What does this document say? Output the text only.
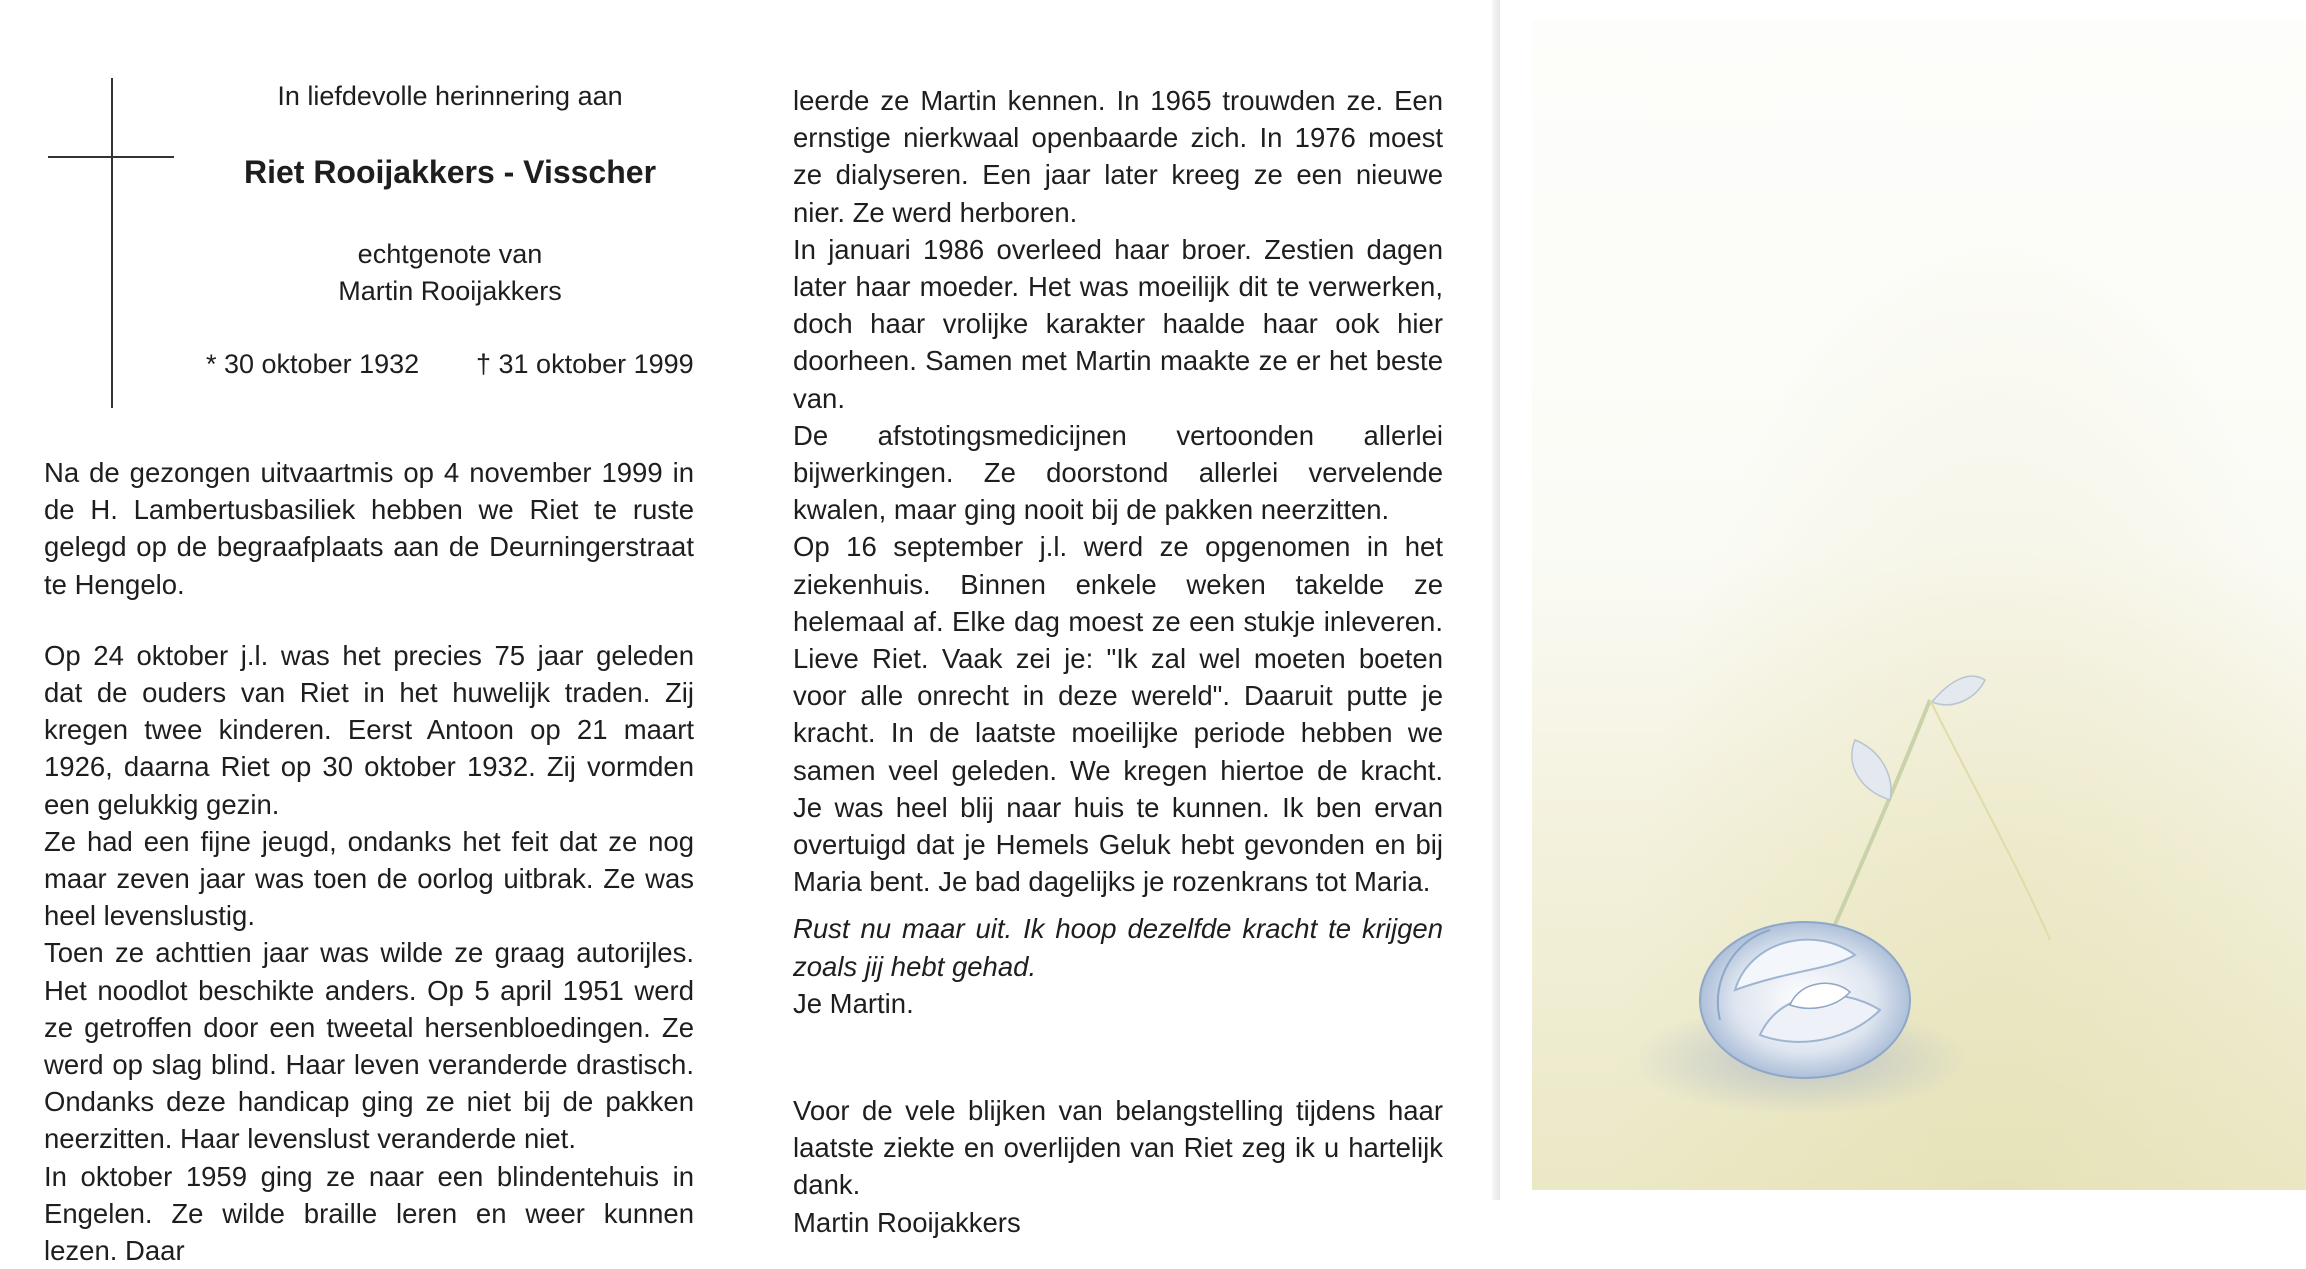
In liefdevolle herinnering aan
Riet Rooijakkers - Visscher
echtgenote van
Martin Rooijakkers
* 30 oktober 1932 † 31 oktober 1999

Na de gezongen uitvaartmis op 4 november 1999 in de H. Lambertusbasiliek hebben we Riet te ruste gelegd op de begraafplaats aan de Deurningerstraat te Hengelo.

Op 24 oktober j.l. was het precies 75 jaar geleden dat de ouders van Riet in het huwelijk traden. Zij kregen twee kinderen. Eerst Antoon op 21 maart 1926, daarna Riet op 30 oktober 1932. Zij vormden een gelukkig gezin.

Ze had een fijne jeugd, ondanks het feit dat ze nog maar zeven jaar was toen de oorlog uitbrak. Ze was heel levenslustig.

Toen ze achttien jaar was wilde ze graag autorijles. Het noodlot beschikte anders. Op 5 april 1951 werd ze getroffen door een tweetal hersenbloedingen. Ze werd op slag blind. Haar leven veranderde drastisch. Ondanks deze handicap ging ze niet bij de pakken neerzitten. Haar levenslust veranderde niet.

In oktober 1959 ging ze naar een blindentehuis in Engelen. Ze wilde braille leren en weer kunnen lezen. Daar

leerde ze Martin kennen. In 1965 trouwden ze. Een ernstige nierkwaal openbaarde zich. In 1976 moest ze dialyseren. Een jaar later kreeg ze een nieuwe nier. Ze werd herboren.

In januari 1986 overleed haar broer. Zestien dagen later haar moeder. Het was moeilijk dit te verwerken, doch haar vrolijke karakter haalde haar ook hier doorheen. Samen met Martin maakte ze er het beste van.

De afstotingsmedicijnen vertoonden allerlei bijwerkingen. Ze doorstond allerlei vervelende kwalen, maar ging nooit bij de pakken neerzitten.

Op 16 september j.l. werd ze opgenomen in het ziekenhuis. Binnen enkele weken takelde ze helemaal af. Elke dag moest ze een stukje inleveren. Lieve Riet. Vaak zei je: "Ik zal wel moeten boeten voor alle onrecht in deze wereld". Daaruit putte je kracht. In de laatste moeilijke periode hebben we samen veel geleden. We kregen hiertoe de kracht. Je was heel blij naar huis te kunnen. Ik ben ervan overtuigd dat je Hemels Geluk hebt gevonden en bij Maria bent. Je bad dagelijks je rozenkrans tot Maria.

Rust nu maar uit. Ik hoop dezelfde kracht te krijgen zoals jij hebt gehad.

Je Martin.

Voor de vele blijken van belangstelling tijdens haar laatste ziekte en overlijden van Riet zeg ik u hartelijk dank.

Martin Rooijakkers
